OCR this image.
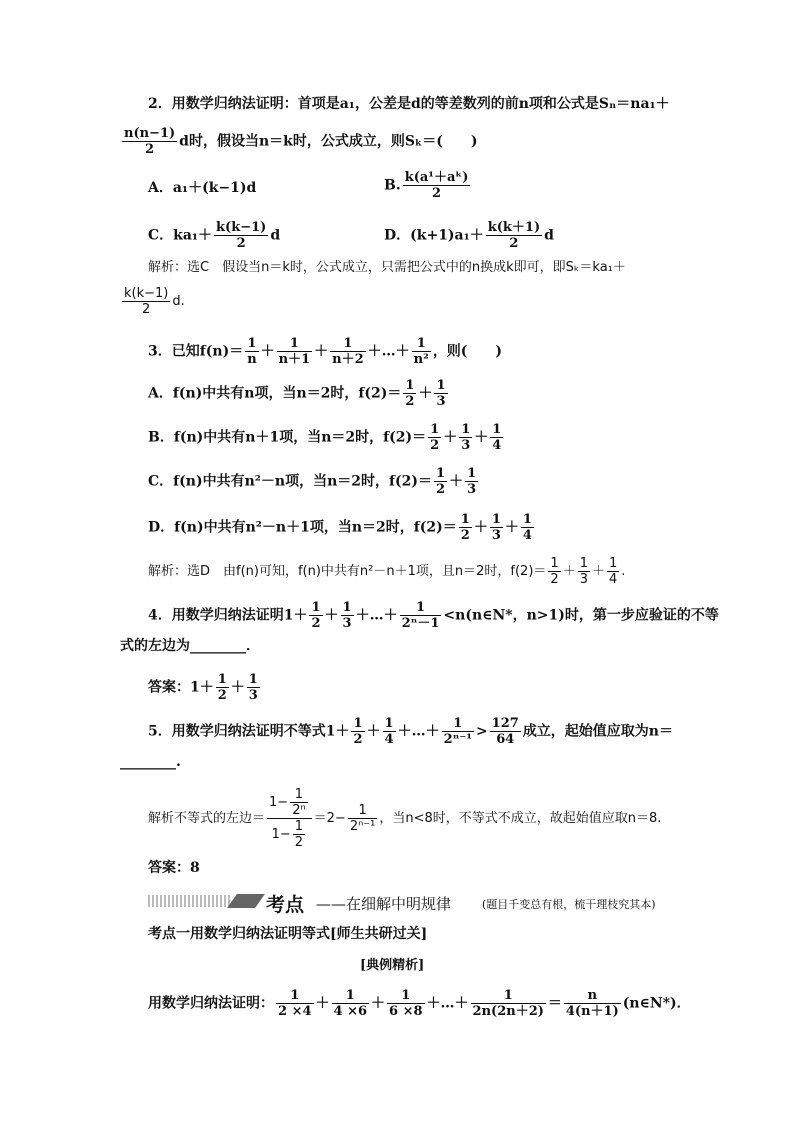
2．用数学归纳法证明：首项是a₁，公差是d的等差数列的前n项和公式是Sₙ＝na₁＋
$\frac{n(n-1)}{2}$ d时，假设当n＝k时，公式成立，则Sₖ＝(　　)
A．a₁＋(k−1)d	B. $\frac{\text{k(a¹＋aᵏ)}}{2}$
C．$ka_1+ \frac{k(k-1)}{2}$ d	D．$(k+1)a_1+ \frac{k(k+1)}{2}$ d
解析：选C　假设当n＝k时，公式成立，只需把公式中的n换成k即可，即Sₖ＝ka₁＋
$\frac{k(k-1)}{2} d$.
3．已知$f(n)= \frac{1}{n} + \frac{1}{n+1} + \frac{1}{n+2}$ ＋…＋ $\frac{1}{\text{n²}}$ ，则(　　)
A．f(n)中共有n项，当n＝2时，$f(2)= \frac{1}{2} + \frac{1}{3}$
B．f(n)中共有n＋1项，当n＝2时，$f(2)= \frac{1}{2} + \frac{1}{3} + \frac{1}{4}$
C．f(n)中共有n²－n项，当n＝2时，$f(2)= \frac{1}{2} + \frac{1}{3}$
D．f(n)中共有n²－n＋1项，当n＝2时，$f(2)= \frac{1}{2} + \frac{1}{3} + \frac{1}{4}$
解析：选D　由f(n)可知，f(n)中共有n²－n＋1项，且n＝2时，$f(2)= \frac{1}{2} + \frac{1}{3} + \frac{1}{4}$ .
4．用数学归纳法证明$1+ \frac{1}{2} + \frac{1}{3}$ ＋…＋ $\frac{1}{\text{2ⁿ－1}}$ <n(n∈N*，n>1)时，第一步应验证的不等
式的左边为________．
答案：$1+ \frac{1}{2} + \frac{1}{3}$
5．用数学归纳法证明不等式$1+ \frac{1}{2} + \frac{1}{4}$ ＋…＋ $\frac{1}{\text{2ⁿ⁻¹}} > \frac{127}{64}$ 成立，起始值应取为n＝
________.
解析不等式的左边＝ $\frac{1- \frac{1}{\text{2ⁿ}}}{1- \frac{1}{2}} =2- \frac{1}{\text{2ⁿ⁻¹}}$ ，当n<8时，不等式不成立，故起始值应取n＝8.
答案：8
考点 ——在细解中明规律	(题目千变总有根，梳干理枝究其本)
考点一用数学归纳法证明等式[师生共研过关]
[典例精析]
用数学归纳法证明： $\frac{1}{2 \times 4} + \frac{1}{4 \times 6} + \frac{1}{6 \times 8}$ ＋…＋ $\frac{1}{2n(2n+2)} = \frac{n}{4(n+1)}$ (n∈N*)．
